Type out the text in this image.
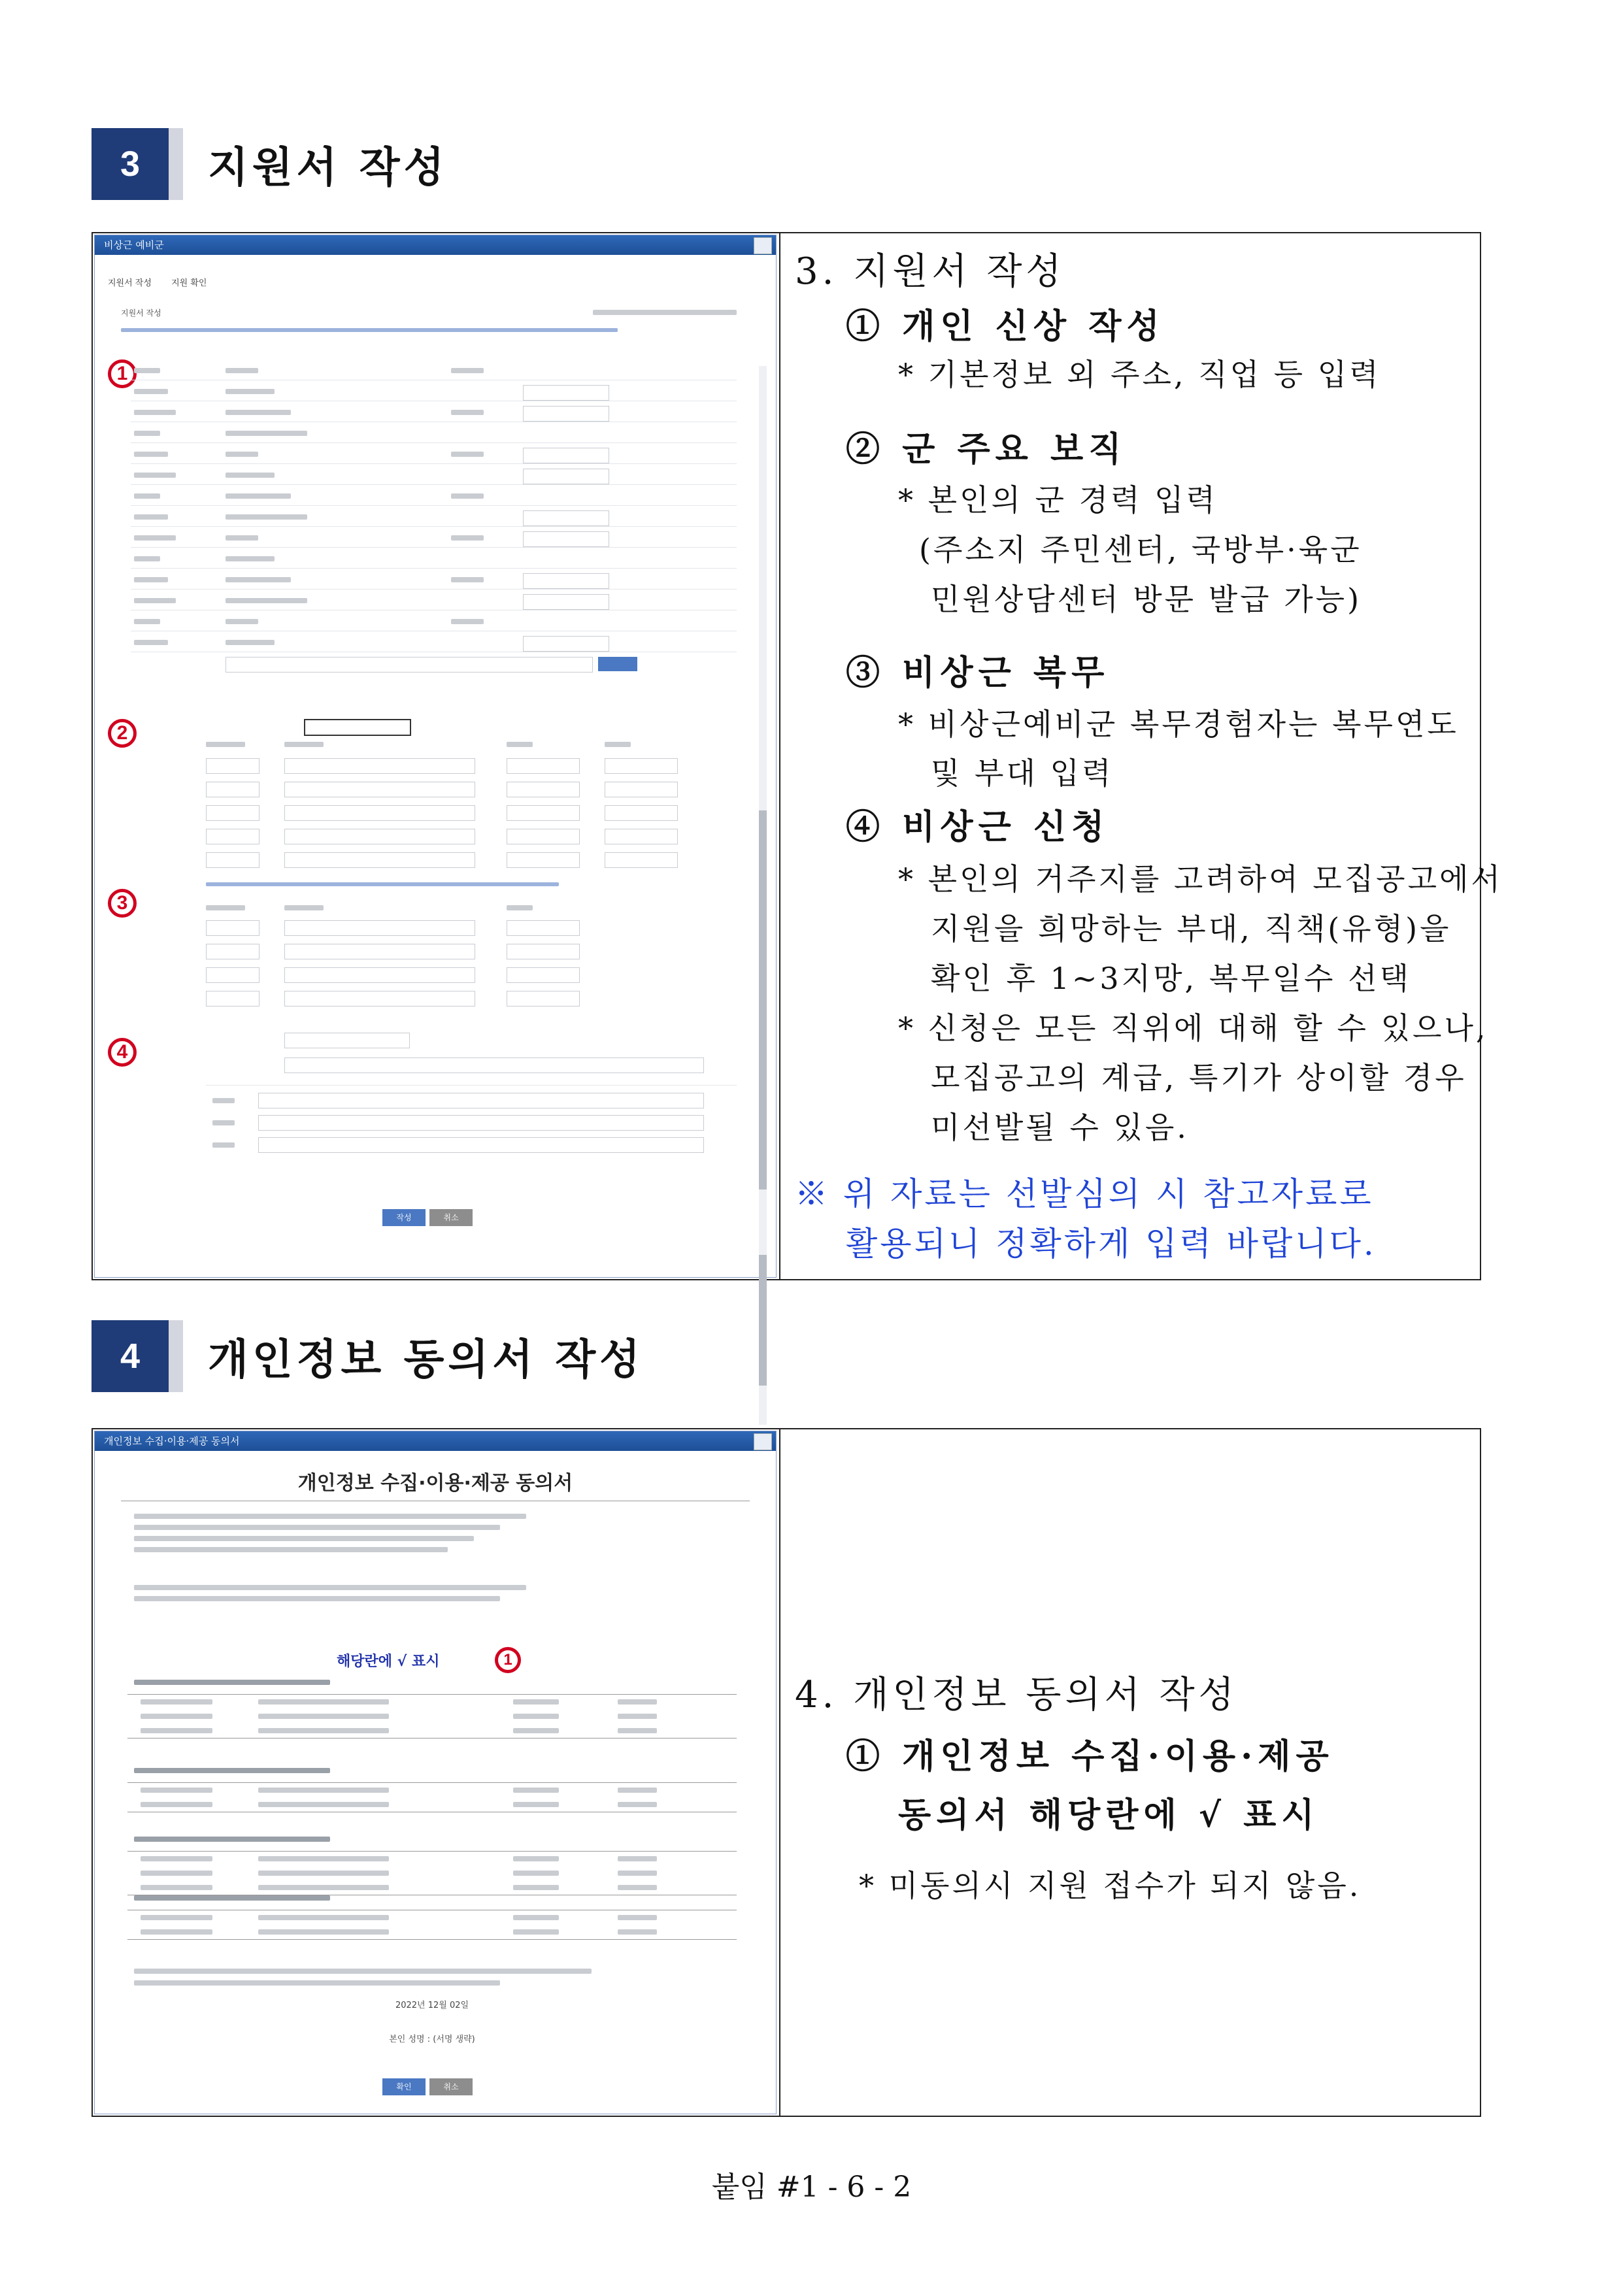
3	지원서 작성
비상근 예비군
지원서 작성 지원 확인
지원서 작성
1
2
3
4
작성	취소
3. 지원서 작성
① 개인 신상 작성
* 기본정보 외 주소, 직업 등 입력
② 군 주요 보직
* 본인의 군 경력 입력
(주소지 주민센터, 국방부·육군
민원상담센터 방문 발급 가능)
③ 비상근 복무
* 비상근예비군 복무경험자는 복무연도
및 부대 입력
④ 비상근 신청
* 본인의 거주지를 고려하여 모집공고에서
지원을 희망하는 부대, 직책(유형)을
확인 후 1~3지망, 복무일수 선택
* 신청은 모든 직위에 대해 할 수 있으나,
모집공고의 계급, 특기가 상이할 경우
미선발될 수 있음.
※ 위 자료는 선발심의 시 참고자료로
활용되니 정확하게 입력 바랍니다.
4	개인정보 동의서 작성
개인정보 수집·이용·제공 동의서
개인정보 수집·이용·제공 동의서
해당란에 √ 표시	1
2022년 12월 02일
본인 성명 : (서명 생략)
확인	취소
4. 개인정보 동의서 작성
① 개인정보 수집·이용·제공
동의서 해당란에 √ 표시
* 미동의시 지원 접수가 되지 않음.
붙임 #1 - 6 - 2
